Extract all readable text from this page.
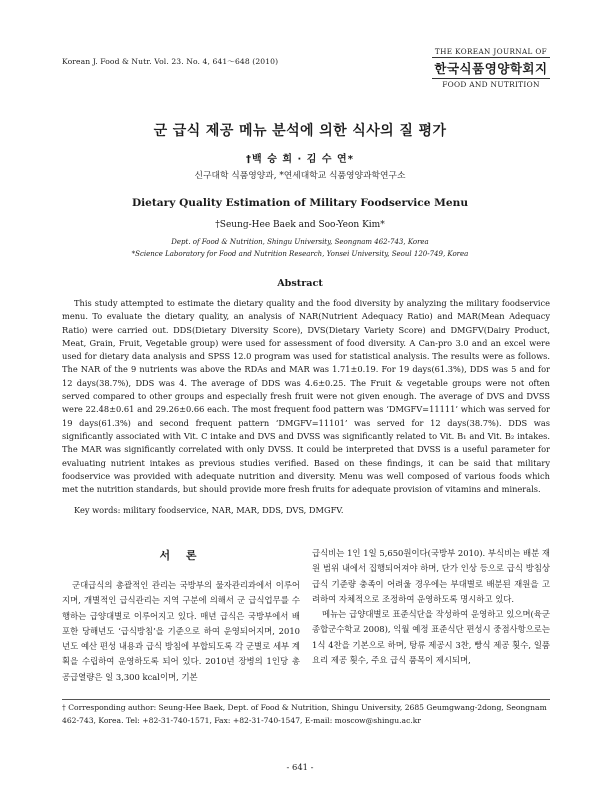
Korean J. Food & Nutr. Vol. 23. No. 4, 641～648 (2010)
THE KOREAN JOURNAL OF
한국식품영양학회지
FOOD AND NUTRITION
군 급식 제공 메뉴 분석에 의한 식사의 질 평가
†백 승 희 · 김 수 연*
신구대학 식품영양과, *연세대학교 식품영양과학연구소
Dietary Quality Estimation of Military Foodservice Menu
†Seung-Hee Baek and Soo-Yeon Kim*
Dept. of Food & Nutrition, Shingu University, Seongnam 462-743, Korea
*Science Laboratory for Food and Nutrition Research, Yonsei University, Seoul 120-749, Korea
Abstract

This study attempted to estimate the dietary quality and the food diversity by analyzing the military foodservice menu. To evaluate the dietary quality, an analysis of NAR(Nutrient Adequacy Ratio) and MAR(Mean Adequacy Ratio) were carried out. DDS(Dietary Diversity Score), DVS(Dietary Variety Score) and DMGFV(Dairy Product, Meat, Grain, Fruit, Vegetable group) were used for assessment of food diversity. A Can-pro 3.0 and an excel were used for dietary data analysis and SPSS 12.0 program was used for statistical analysis. The results were as follows. The NAR of the 9 nutrients was above the RDAs and MAR was 1.71±0.19. For 19 days(61.3%), DDS was 5 and for 12 days(38.7%), DDS was 4. The average of DDS was 4.6±0.25. The Fruit & vegetable groups were not often served compared to other groups and especially fresh fruit were not given enough. The average of DVS and DVSS were 22.48±0.61 and 29.26±0.66 each. The most frequent food pattern was ‘DMGFV=11111’ which was served for 19 days(61.3%) and second frequent pattern ‘DMGFV=11101’ was served for 12 days(38.7%). DDS was significantly associated with Vit. C intake and DVS and DVSS was significantly related to Vit. B₁ and Vit. B₂ intakes. The MAR was significantly correlated with only DVSS. It could be interpreted that DVSS is a useful parameter for evaluating nutrient intakes as previous studies verified. Based on these findings, it can be said that military foodservice was provided with adequate nutrition and diversity. Menu was well composed of various foods which met the nutrition standards, but should provide more fresh fruits for adequate provision of vitamins and minerals.

Key words: military foodservice, NAR, MAR, DDS, DVS, DMGFV.
서 론
군대급식의 총괄적인 관리는 국방부의 물자관리과에서 이루어지며, 개별적인 급식관리는 지역 구분에 의해서 군 급식업무를 수행하는 급양대별로 이루어지고 있다. 매년 급식은 국방부에서 배포한 당해년도 ‘급식방침’을 기준으로 하여 운영되어지며, 2010년도 예산 편성 내용과 급식 방침에 부합되도록 각 군별로 세부 계획을 수립하여 운영하도록 되어 있다. 2010년 장병의 1인당 총 공급열량은 일 3,300 kcal이며, 기본

급식비는 1인 1일 5,650원이다(국방부 2010). 부식비는 배분 재원 범위 내에서 집행되어져야 하며, 단가 인상 등으로 급식 방침상 급식 기준량 충족이 어려울 경우에는 부대별로 배분된 재원을 고려하여 자체적으로 조정하여 운영하도록 명시하고 있다.

메뉴는 급양대별로 표준식단을 작성하여 운영하고 있으며(육군종합군수학교 2008), 익월 예정 표준식단 편성시 중점사항으로는 1식 4찬을 기본으로 하며, 탕류 제공시 3찬, 빵식 제공 횟수, 일품요리 제공 횟수, 주요 급식 품목이 제시되며,

† Corresponding author: Seung-Hee Baek, Dept. of Food & Nutrition, Shingu University, 2685 Geumgwang-2dong, Seongnam 462-743, Korea. Tel: +82-31-740-1571, Fax: +82-31-740-1547, E-mail: moscow@shingu.ac.kr
- 641 -
